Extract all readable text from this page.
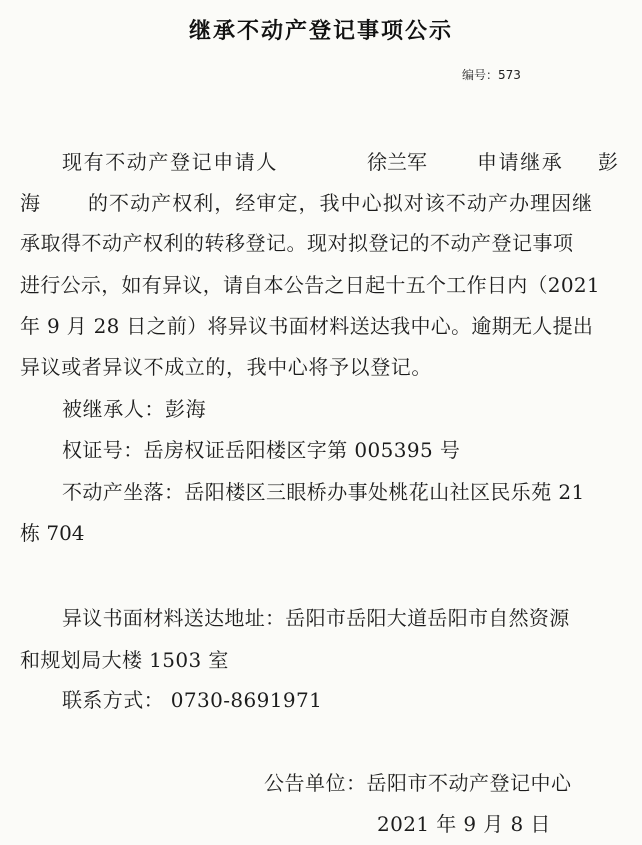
继承不动产登记事项公示
编号：573
现有不动产登记申请人	徐兰军	申请继承 彭
海 的不动产权利，经审定，我中心拟对该不动产办理因继
承取得不动产权利的转移登记。现对拟登记的不动产登记事项
进行公示，如有异议，请自本公告之日起十五个工作日内（2021
年 9 月 28 日之前）将异议书面材料送达我中心。逾期无人提出
异议或者异议不成立的，我中心将予以登记。
被继承人：彭海
权证号：岳房权证岳阳楼区字第 005395 号
不动产坐落：岳阳楼区三眼桥办事处桃花山社区民乐苑 21
栋 704
异议书面材料送达地址：岳阳市岳阳大道岳阳市自然资源
和规划局大楼 1503 室
联系方式： 0730-8691971
公告单位：岳阳市不动产登记中心
2021 年 9 月 8 日
